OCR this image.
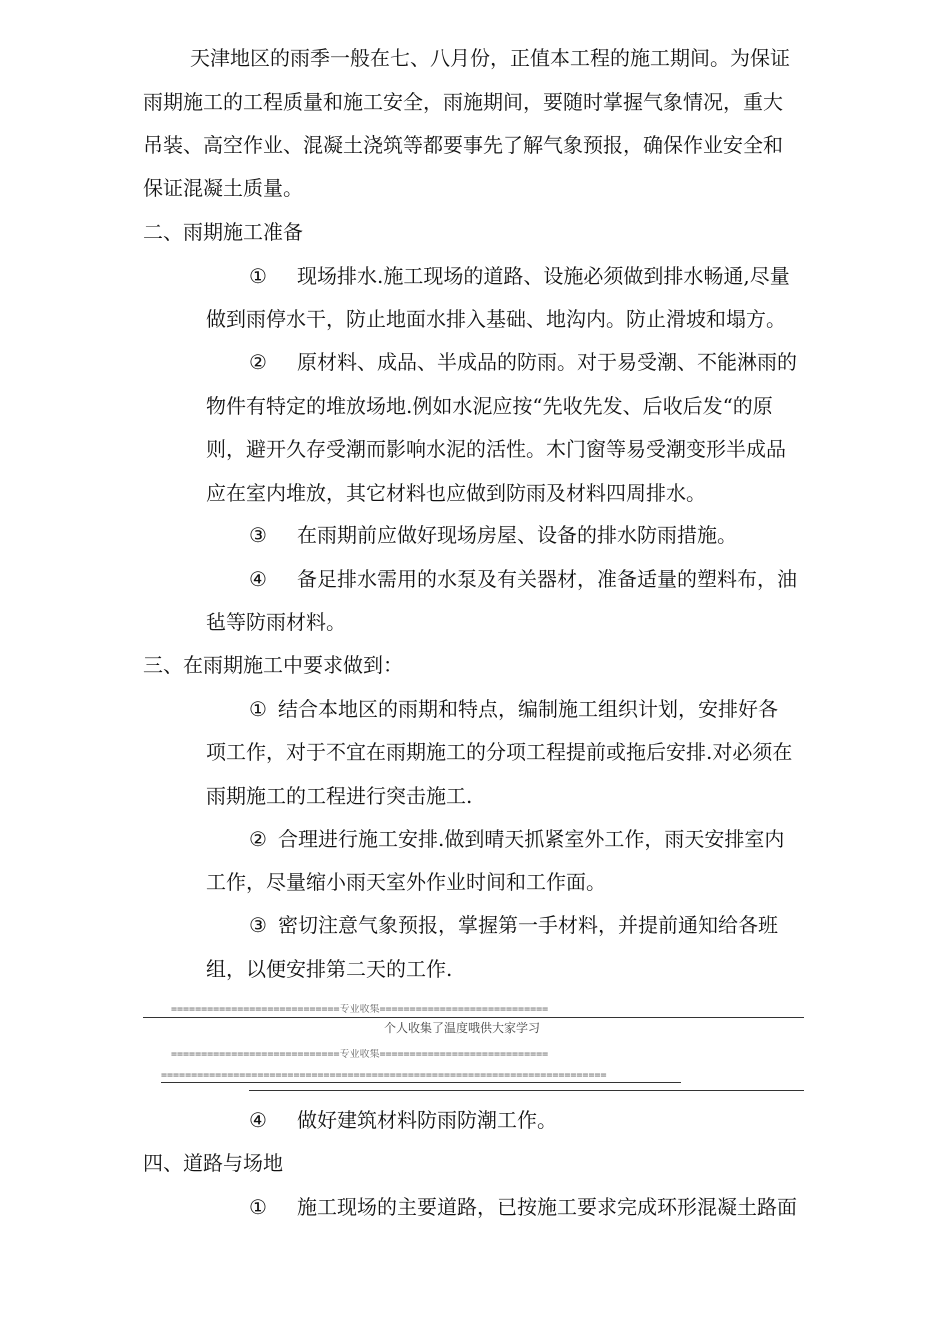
天津地区的雨季一般在七、八月份，正值本工程的施工期间。为保证
雨期施工的工程质量和施工安全，雨施期间，要随时掌握气象情况，重大
吊装、高空作业、混凝土浇筑等都要事先了解气象预报，确保作业安全和
保证混凝土质量。
二、雨期施工准备
① 现场排水.施工现场的道路、设施必须做到排水畅通,尽量
做到雨停水干，防止地面水排入基础、地沟内。防止滑坡和塌方。
② 原材料、成品、半成品的防雨。对于易受潮、不能淋雨的
物件有特定的堆放场地.例如水泥应按“先收先发、后收后发“的原
则，避开久存受潮而影响水泥的活性。木门窗等易受潮变形半成品
应在室内堆放，其它材料也应做到防雨及材料四周排水。
③ 在雨期前应做好现场房屋、设备的排水防雨措施。
④ 备足排水需用的水泵及有关器材，准备适量的塑料布，油
毡等防雨材料。
三、在雨期施工中要求做到：
① 结合本地区的雨期和特点，编制施工组织计划，安排好各
项工作，对于不宜在雨期施工的分项工程提前或拖后安排.对必须在
雨期施工的工程进行突击施工.
② 合理进行施工安排.做到晴天抓紧室外工作，雨天安排室内
工作，尽量缩小雨天室外作业时间和工作面。
③ 密切注意气象预报，掌握第一手材料，并提前通知给各班
组，以便安排第二天的工作.
============================专业收集============================
个人收集了温度哦供大家学习
============================专业收集============================
==========================================================================
④ 做好建筑材料防雨防潮工作。
四、道路与场地
① 施工现场的主要道路，已按施工要求完成环形混凝土路面
